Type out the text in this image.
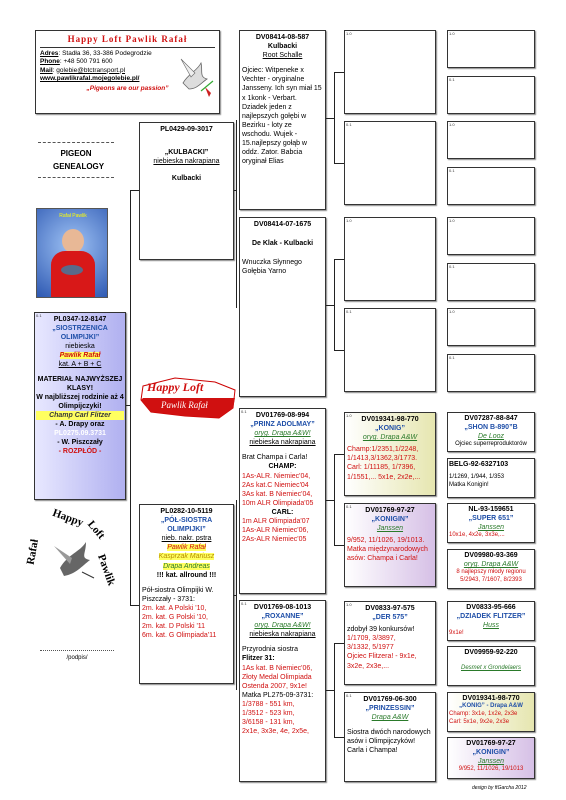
Happy Loft Pawlik Rafał
Adres: Stadła 36, 33-386 Podegrodzie
Phone: +48 500 791 600
Mail: golebie@btctransport.pl
www.pawlikrafal.mojegolebie.pl/
„Pigeons are our passion”
PIGEON GENEALOGY
Rafał Pawlik
0.1
PL0347-12-8147
„SIOSTRZENICA OLIMPIJKI”
niebieska
Pawlik Rafał
kat. A + B + C
MATERIAŁ NAJWYŻSZEJ KLASY!
W najbliższej rodzinie aż 4 Olimpijczyki!
Champ Carl Flitzer
- A. Drapy oraz
PL0275.09.3731
- W. Piszczały
- ROZPŁÓD -
Happy
Loft
Rafał
Pawlik
/podpis/
Happy Loft
Pawlik Rafał
PL0429-09-3017
„KULBACKI”
niebieska nakrapiana
Kulbacki
PL0282-10-5119
„PÓŁ-SIOSTRA OLIMPIJKI”
nieb. nakr. pstra
Pawlik Rafał
Kasprzak Mariusz
Drapa Andreas
!!! kat. allround !!!
Pół-siostra Olimpijki W. Piszczały - 3731:
2m. kat. A Polski '10,
2m. kat. G Polski '10,
2m. kat. D Polski '11
6m. kat. G Olimpiada'11
DV08414-08-587
Kulbacki
Root Schalle
Ojciec: Witpeneke x Vechter - oryginalne Jansseny. Ich syn miał 15 x 1konk - Verbart. Dziadek jeden z najlepszych gołębi w Bezirku - loty ze wschodu. Wujek - 15.najlepszy gołąb w oddz. Zator. Babcia oryginał Elias
DV08414-07-1675
De Klak - Kulbacki
Wnuczka Słynnego Gołębia Yarno
0.1
DV01769-08-994
„PRINZ ADOLMAY”
oryg. Drapa A&W!
niebieska nakrapiana
Brat Champa i Carla!
CHAMP:
1As-ALR. Niemiec'04,
2As kat.C Niemiec'04
3As kat. B Niemiec'04,
10m ALR Olimpiada'05
CARL:
1m ALR Olimpiada'07
1As-ALR Niemiec'06,
2As-ALR Niemiec'05
0.1
DV01769-08-1013
„ROXANNE”
oryg. Drapa A&W!
niebieska nakrapiana
Przyrodnia siostra
Flitzer 31:
1As kat. B Niemiec'06,
Złoty Medal Olimpiada Ostenda 2007, 9x1e!
Matka PL275-09-3731:
1/3788 - 551 km,
1/3512 - 523 km,
3/6158 - 131 km,
2x1e, 3x3e, 4e, 2x5e,
1.0
0.1
1.0
0.1
1.0
DV019341-98-770
„KONIG”
oryg. Drapa A&W
Champ:1/2351,1/2248,
1/1413,3/1362,3/1773.
Carl: 1/11185, 1/7396,
1/1551,... 5x1e, 2x2e,...
0.1
DV01769-97-27
„KONIGIN”
Janssen
9/952, 11/1026, 19/1013. Matka międzynarodowych asów: Champa i Carla!
1.0
DV0833-97-575
„DER 575”
zdobył 39 konkursów!
1/1709, 3/3897,
3/1332, 5/1977
Ojciec Flitzera! - 9x1e, 3x2e, 2x3e,...
0.1
DV01769-06-300
„PRINZESSIN”
Drapa A&W
Siostra dwóch narodowych asów i Olimpijczyków! Carla i Champa!
1.0
0.1
1.0
0.1
1.0
0.1
1.0
0.1
DV07287-88-847
„SHON B-890”B
De Looz
Ojciec superreproduktorów
BELG-92-6327103
1/1269, 1/944, 1/353
Matka Konigin!
NL-93-159651
„SUPER 651”
Janssen
10x1e, 4x2e, 3x3e,...
DV09980-93-369
oryg. Drapa A&W
8 najlepszy młody regionu
5/2943, 7/1607, 8/2393
DV0833-95-666
„DZIADEK FLITZER”
Huss
9x1e!
DV09959-92-220
Desmet x Grondelaers
DV019341-98-770
„KONIG” - Drapa A&W
Champ: 3x1e, 1x2e, 2x3e
Carl: 5x1e, 9x2e, 2x3e
DV01769-97-27
„KONIGIN”
Janssen
9/952, 11/1026, 19/1013
design by ftGarcha 2012
